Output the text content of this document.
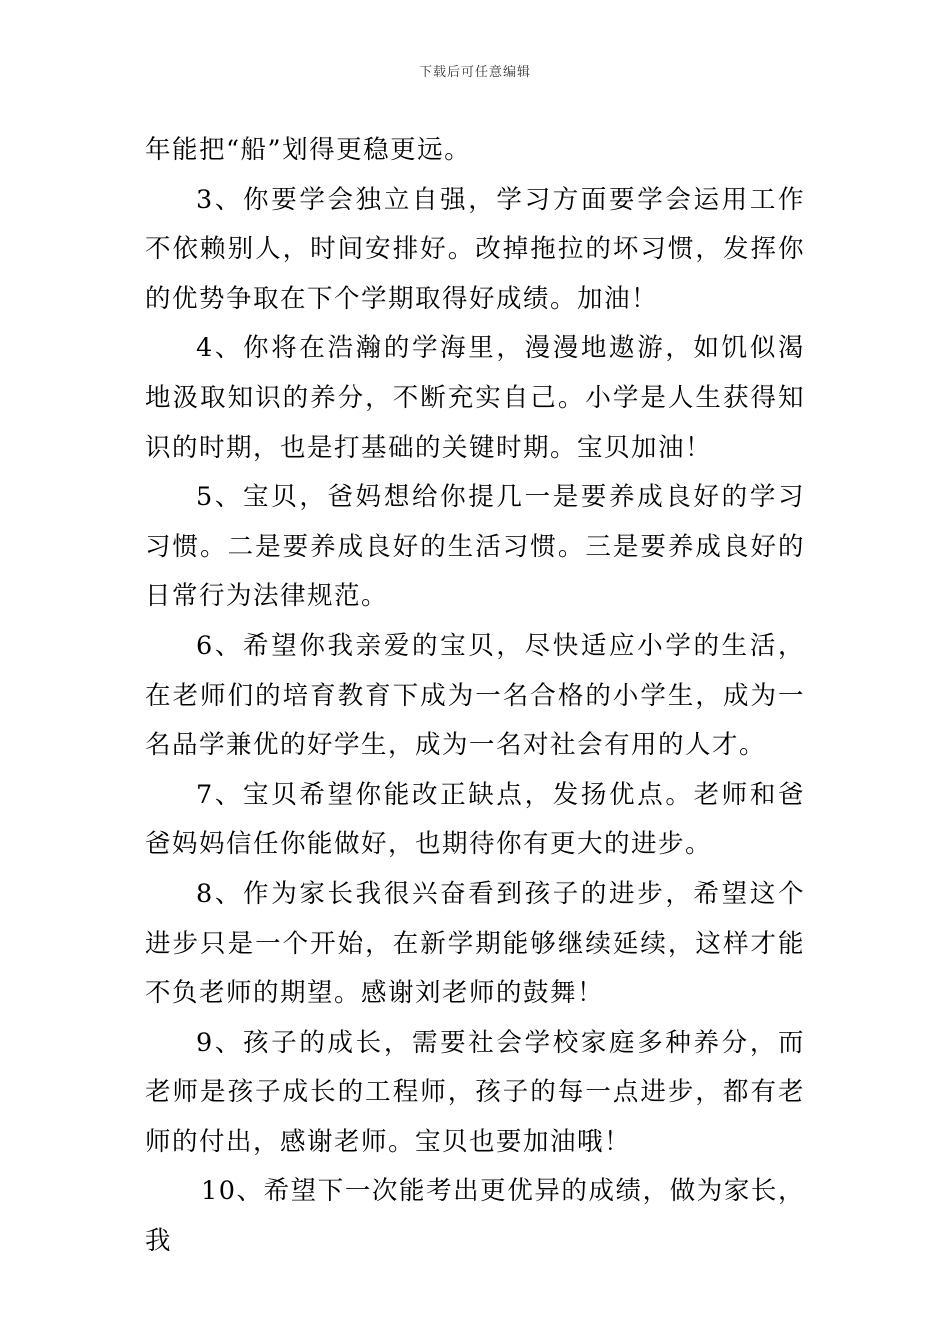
下载后可任意编辑

年能把“船”划得更稳更远。

3、你要学会独立自强，学习方面要学会运用工作不依赖别人，时间安排好。改掉拖拉的坏习惯，发挥你的优势争取在下个学期取得好成绩。加油！

4、你将在浩瀚的学海里，漫漫地遨游，如饥似渴地汲取知识的养分，不断充实自己。小学是人生获得知识的时期，也是打基础的关键时期。宝贝加油！

5、宝贝，爸妈想给你提几一是要养成良好的学习习惯。二是要养成良好的生活习惯。三是要养成良好的日常行为法律规范。

6、希望你我亲爱的宝贝，尽快适应小学的生活，在老师们的培育教育下成为一名合格的小学生，成为一名品学兼优的好学生，成为一名对社会有用的人才。

7、宝贝希望你能改正缺点，发扬优点。老师和爸爸妈妈信任你能做好，也期待你有更大的进步。

8、作为家长我很兴奋看到孩子的进步，希望这个进步只是一个开始，在新学期能够继续延续，这样才能不负老师的期望。感谢刘老师的鼓舞！

9、孩子的成长，需要社会学校家庭多种养分，而老师是孩子成长的工程师，孩子的每一点进步，都有老师的付出，感谢老师。宝贝也要加油哦！

10、希望下一次能考出更优异的成绩，做为家长，我
